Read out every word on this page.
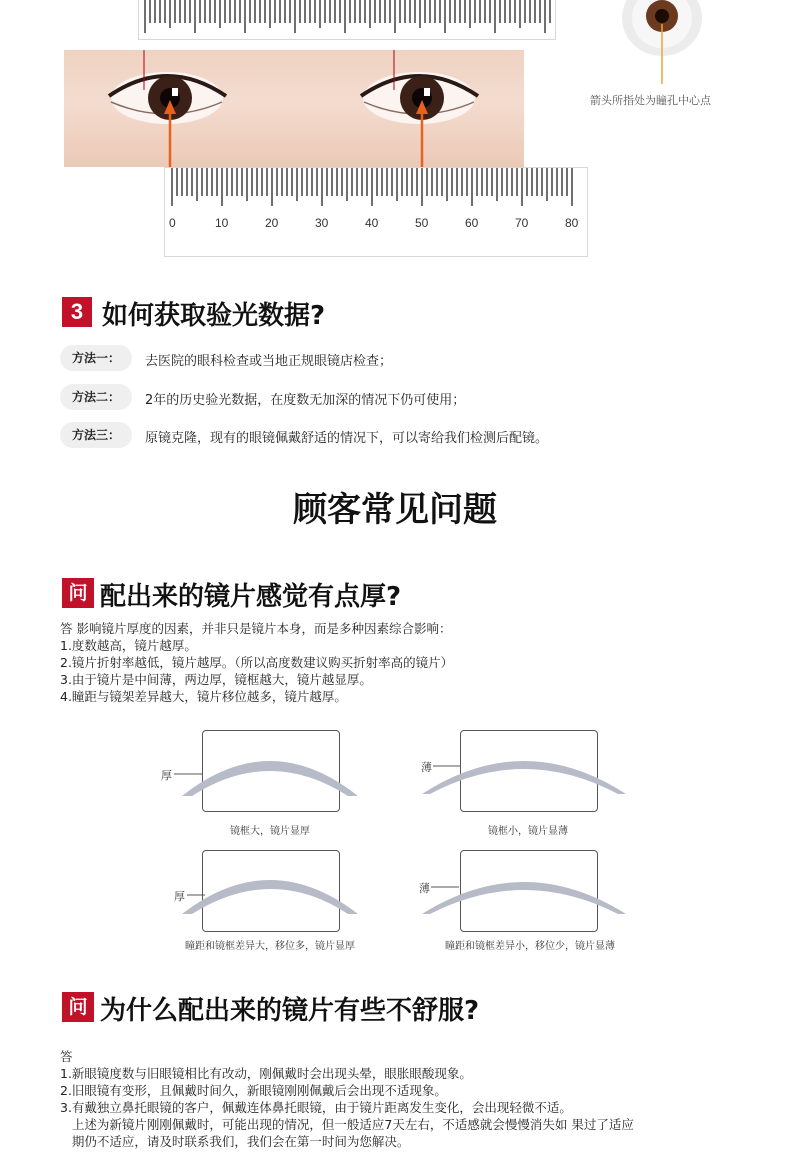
0	10	20	30	40	50	60	70	80
箭头所指处为瞳孔中心点
3 如何获取验光数据?
方法一：	去医院的眼科检查或当地正规眼镜店检查；
方法二：	2年的历史验光数据，在度数无加深的情况下仍可使用；
方法三：	原镜克隆，现有的眼镜佩戴舒适的情况下，可以寄给我们检测后配镜。
顾客常见问题
问 配出来的镜片感觉有点厚?
答 影响镜片厚度的因素，并非只是镜片本身，而是多种因素综合影响：
1.度数越高，镜片越厚。
2.镜片折射率越低，镜片越厚。（所以高度数建议购买折射率高的镜片）
3.由于镜片是中间薄，两边厚，镜框越大，镜片越显厚。
4.瞳距与镜架差异越大，镜片移位越多，镜片越厚。
厚
镜框大，镜片显厚
薄
镜框小，镜片显薄
厚
瞳距和镜框差异大，移位多，镜片显厚
薄
瞳距和镜框差异小，移位少，镜片显薄
问 为什么配出来的镜片有些不舒服?
答
1.新眼镜度数与旧眼镜相比有改动，刚佩戴时会出现头晕，眼胀眼酸现象。
2.旧眼镜有变形，且佩戴时间久，新眼镜刚刚佩戴后会出现不适现象。
3.有戴独立鼻托眼镜的客户，佩戴连体鼻托眼镜，由于镜片距离发生变化，会出现轻微不适。
上述为新镜片刚刚佩戴时，可能出现的情况，但一般适应7天左右，不适感就会慢慢消失如 果过了适应
期仍不适应，请及时联系我们，我们会在第一时间为您解决。
